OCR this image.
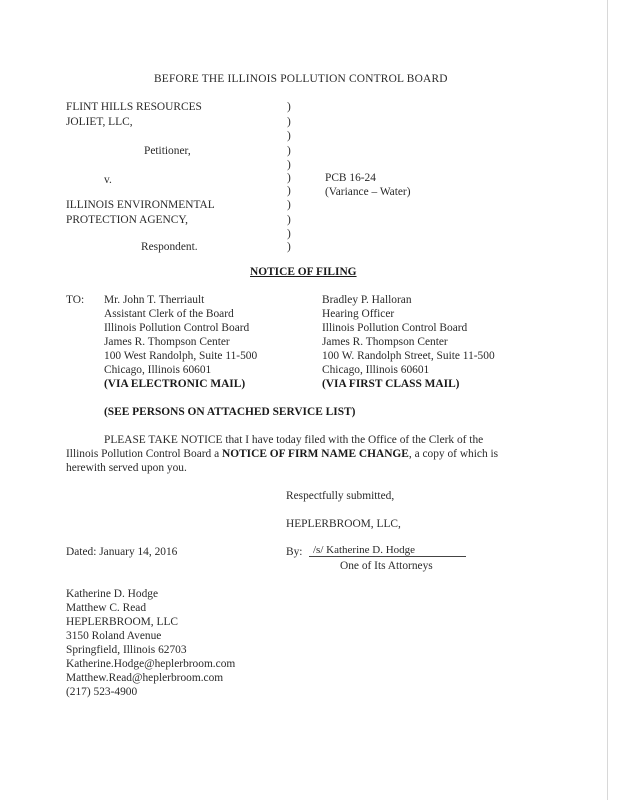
BEFORE THE ILLINOIS POLLUTION CONTROL BOARD
FLINT HILLS RESOURCES
JOLIET, LLC,
Petitioner,
v.
ILLINOIS ENVIRONMENTAL
PROTECTION AGENCY,
Respondent.
)
)
)
)
)
)
)
)
)
)
)
PCB 16-24
(Variance – Water)
NOTICE OF FILING
TO: Mr. John T. Therriault
Assistant Clerk of the Board
Illinois Pollution Control Board
James R. Thompson Center
100 West Randolph, Suite 11-500
Chicago, Illinois 60601
(VIA ELECTRONIC MAIL)
Bradley P. Halloran
Hearing Officer
Illinois Pollution Control Board
James R. Thompson Center
100 W. Randolph Street, Suite 11-500
Chicago, Illinois 60601
(VIA FIRST CLASS MAIL)
(SEE PERSONS ON ATTACHED SERVICE LIST)
PLEASE TAKE NOTICE that I have today filed with the Office of the Clerk of the
Illinois Pollution Control Board a NOTICE OF FIRM NAME CHANGE, a copy of which is
herewith served upon you.
Respectfully submitted,
HEPLERBROOM, LLC,
Dated: January 14, 2016	By: /s/ Katherine D. Hodge
One of Its Attorneys
Katherine D. Hodge
Matthew C. Read
HEPLERBROOM, LLC
3150 Roland Avenue
Springfield, Illinois 62703
Katherine.Hodge@heplerbroom.com
Matthew.Read@heplerbroom.com
(217) 523-4900
